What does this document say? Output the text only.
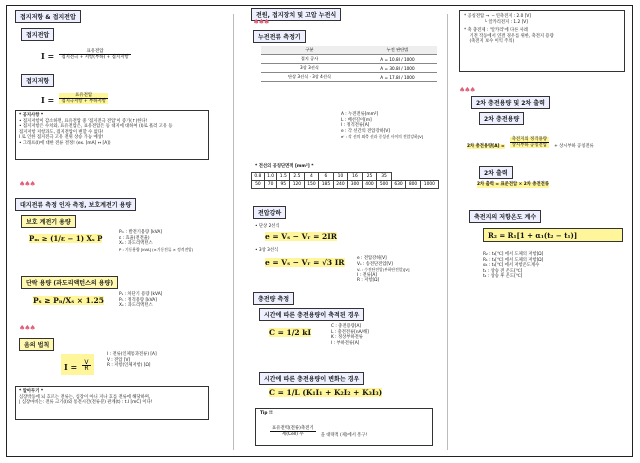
접지저항 & 접지전압
접지전압
$I = \frac{\text{표유전압}}{\text{접지전극 + 저항(부하) + 접지저항}}$
접지저항
$I = \frac{\text{표유전압}}{\text{접지극저항 + 부하저항}}$
* 공지사항 *
• 접지저항이 감소하면, 표유전압 중 '접지전극 전압'이 증가(↑)한다!
• 접지저항은 수치와, 표유전압은, 표유전압은 등 대지에 대하여 (I)로 흘러 고유 등
접지저항 저항과도, 접지전압이 변할 수 없다!
I 로 인한 접지전극 고유 전위 상승 가능 예상!
• 그래프(I)에 대한 전류 결정! (ex. [mA] ↔ [A])
♠♠♠
대지전류 측정 인자 측정, 보호계전기 용량
보호 계전기 용량
Pₘ ≥ (1/ε − 1) Xₛ P
Pₘ : 발전기용량 [kVA]
ε : 효율(전전율)
Xₛ : 과도리액턴스
P : 기동용량 [kVA] (×기동전류 × 정격전압)
단락 용량 (과도리액턴스의 용량)
Pₛ ≥ Pₙ/Xₛ × 1.25
Pₛ : 차단기 용량 [kVA]
Pₙ : 정격용량 [kVA]
Xₛ : 과도리액턴스
♠♠♠
옴의 법칙
$I = \frac{V}{R}$
I : 전류(인체통과전류) [A]
V : 전압 [V]
R : 저항(인체저항) [Ω]
* 알아두기 *
심장박동에 뇌 흐르는 전류는, 심장이 아니 지나 흐를 전류에 해당하며,
| 심장마비는: 전류 크기(I)와 통전시간(전류분) 관계(t) : t.I [mC] 이다!
전원, 접지장치 및 고압 누전식
♠♠♠
누전전류 측정기
구분	누전 판단법
접지 공사	A = 10.8I / 1000
3상 3선식	A = 30.8I / 1000
단상 3선식 · 3상 4선식	A = 17.8I / 1000
A : 누전전류[mm²]
L : 배선길이[m]
I : 정격전류[A]
e : 각 선간의 전압강하[V]
e' : 각 선의 외측 선과 중성선 사이의 전압강하[V]
* 전선의 공칭단면적 [mm²] *
0.8	1.0	1.5	2.5	4	6	10	16	25	35			
50	70	95	120	150	185	240	300	400	500	630	800	1000
전압강하
• 단상 2선식
e = Vₛ − Vᵣ = 2IR
• 3상 3선식
e = Vₛ − Vᵣ = √3 IR	e : 전압강하[V]
Vₛ : 송전단전압[V]
Vᵣ : 수전단전압(부하단전압)[V]
I : 전류[A]
R : 저항[Ω]
충전량 측정
시간에 따른 충전용량이 축적된 경우
C = 1/2 kI
C : 충전용량[A]
L : 충전전류[nA/해]
K : 정상부하전류
I : 부하전류[A]
시간에 따른 충전용량이 변화는 경우
C = 1/L (K₁I₁ + K₂I₂ + K₃I₃)
Tip !!
$\frac{\text{표유전력(전류)축전기}}{\text{세(Cell) 수}}$ 을 대략적 (제)에서 흥구!
* 공칭전압 →  ─ 연축전지 : 2.0 [V]
└ 알카리전지 : 1.2 [V]
* 축 충전제 : '알카리'에 다른 사례
기전 작동에서 연결 경우를 위한, 축전지 용량
(축전지 보수 이익 주의)
♠♠♠
2차 충전용량 및 2차 출력
2차 충전용량
2차 충전용량$[A] = \frac{\text{축전지의 정격용량}}{\text{상시부하 공칭전압}}$ + 상시부하 공칭전류
2차 출력
2차 출력 = 표준전압 × 2차 충전전류
축전지의 저항온도 계수
R₂ = R₁[1 + α₁(t₂ − t₁)]
R₂ : t₂[℃] 에서 도체의 저항[Ω]
R₁ : t₁[℃] 에서 도체의 저항[Ω]
α₁ : t₁[℃] 에서 저항온도계수
t₁ : 상승 전 온도[℃]
t₂ : 상승 후 온도[℃]
